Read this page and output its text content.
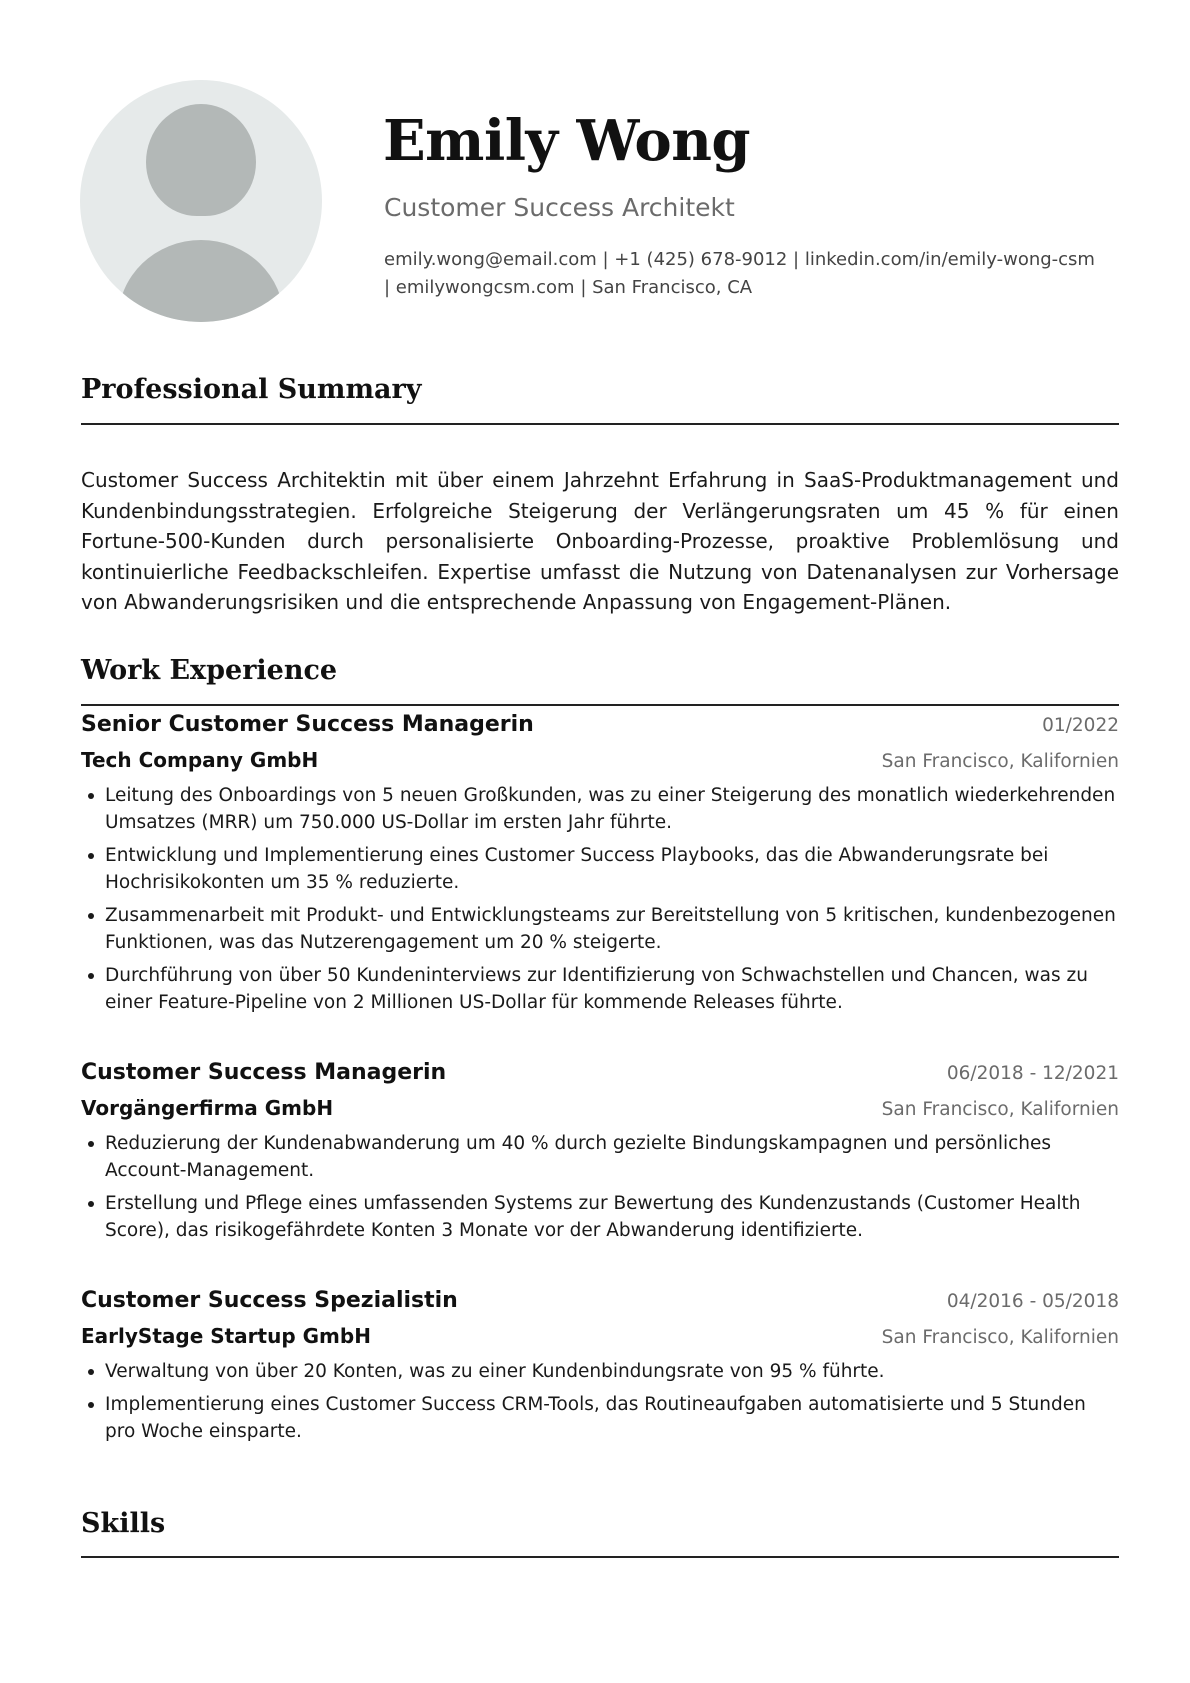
Emily Wong
Customer Success Architekt
emily.wong@email.com | +1 (425) 678-9012 | linkedin.com/in/emily-wong-csm
| emilywongcsm.com | San Francisco, CA
Professional Summary
Customer Success Architektin mit über einem Jahrzehnt Erfahrung in SaaS-Produktmanagement und Kundenbindungsstrategien. Erfolgreiche Steigerung der Verlängerungsraten um 45 % für einen Fortune-500-Kunden durch personalisierte Onboarding-Prozesse, proaktive Problemlösung und kontinuierliche Feedbackschleifen. Expertise umfasst die Nutzung von Datenanalysen zur Vorhersage von Abwanderungsrisiken und die entsprechende Anpassung von Engagement-Plänen.
Work Experience
Senior Customer Success Managerin	01/2022
Tech Company GmbH	San Francisco, Kalifornien
Leitung des Onboardings von 5 neuen Großkunden, was zu einer Steigerung des monatlich wiederkehrenden Umsatzes (MRR) um 750.000 US-Dollar im ersten Jahr führte.
Entwicklung und Implementierung eines Customer Success Playbooks, das die Abwanderungsrate bei Hochrisikokonten um 35 % reduzierte.
Zusammenarbeit mit Produkt- und Entwicklungsteams zur Bereitstellung von 5 kritischen, kundenbezogenen Funktionen, was das Nutzerengagement um 20 % steigerte.
Durchführung von über 50 Kundeninterviews zur Identifizierung von Schwachstellen und Chancen, was zu einer Feature-Pipeline von 2 Millionen US-Dollar für kommende Releases führte.
Customer Success Managerin	06/2018 - 12/2021
Vorgängerfirma GmbH	San Francisco, Kalifornien
Reduzierung der Kundenabwanderung um 40 % durch gezielte Bindungskampagnen und persönliches Account-Management.
Erstellung und Pflege eines umfassenden Systems zur Bewertung des Kundenzustands (Customer Health Score), das risikogefährdete Konten 3 Monate vor der Abwanderung identifizierte.
Customer Success Spezialistin	04/2016 - 05/2018
EarlyStage Startup GmbH	San Francisco, Kalifornien
Verwaltung von über 20 Konten, was zu einer Kundenbindungsrate von 95 % führte.
Implementierung eines Customer Success CRM-Tools, das Routineaufgaben automatisierte und 5 Stunden pro Woche einsparte.
Skills
